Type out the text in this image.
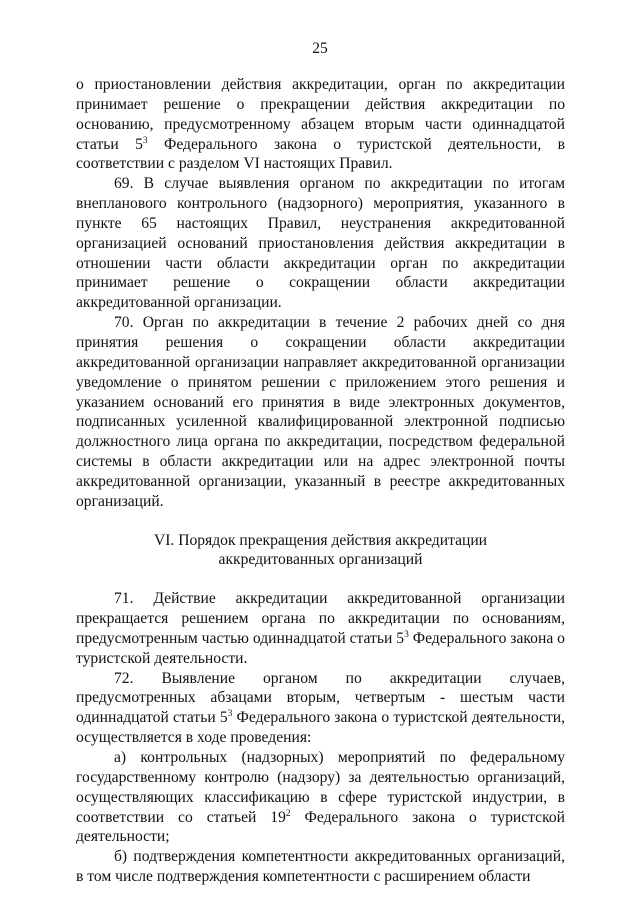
25

о приостановлении действия аккредитации, орган по аккредитации принимает решение о прекращении действия аккредитации по основанию, предусмотренному абзацем вторым части одиннадцатой статьи $5^3$ Федерального закона о туристской деятельности, в соответствии с разделом VI настоящих Правил.

69. В случае выявления органом по аккредитации по итогам внепланового контрольного (надзорного) мероприятия, указанного в пункте 65 настоящих Правил, неустранения аккредитованной организацией оснований приостановления действия аккредитации в отношении части области аккредитации орган по аккредитации принимает решение о сокращении области аккредитации аккредитованной организации.

70. Орган по аккредитации в течение 2 рабочих дней со дня принятия решения о сокращении области аккредитации аккредитованной организации направляет аккредитованной организации уведомление о принятом решении с приложением этого решения и указанием оснований его принятия в виде электронных документов, подписанных усиленной квалифицированной электронной подписью должностного лица органа по аккредитации, посредством федеральной системы в области аккредитации или на адрес электронной почты аккредитованной организации, указанный в реестре аккредитованных организаций.

VI. Порядок прекращения действия аккредитации
аккредитованных организаций

71. Действие аккредитации аккредитованной организации прекращается решением органа по аккредитации по основаниям, предусмотренным частью одиннадцатой статьи $5^3$ Федерального закона о туристской деятельности.

72. Выявление органом по аккредитации случаев, предусмотренных абзацами вторым, четвертым - шестым части одиннадцатой статьи $5^3$ Федерального закона о туристской деятельности, осуществляется в ходе проведения:

а) контрольных (надзорных) мероприятий по федеральному государственному контролю (надзору) за деятельностью организаций, осуществляющих классификацию в сфере туристской индустрии, в соответствии со статьей $19^2$ Федерального закона о туристской деятельности;

б) подтверждения компетентности аккредитованных организаций, в том числе подтверждения компетентности с расширением области
